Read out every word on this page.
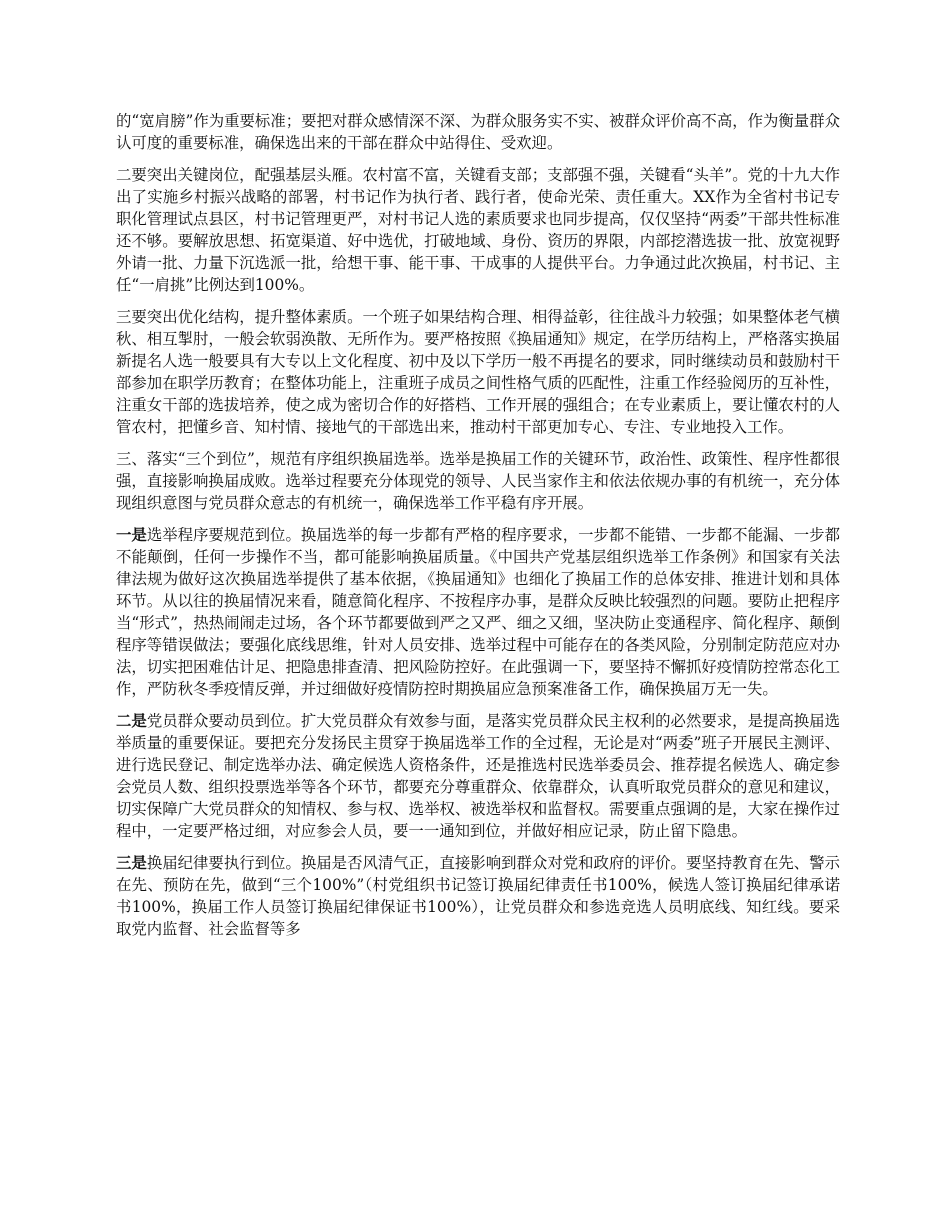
的“宽肩膀”作为重要标准；要把对群众感情深不深、为群众服务实不实、被群众评价高不高，作为衡量群众认可度的重要标准，确保选出来的干部在群众中站得住、受欢迎。

二要突出关键岗位，配强基层头雁。农村富不富，关键看支部；支部强不强，关键看“头羊”。党的十九大作出了实施乡村振兴战略的部署，村书记作为执行者、践行者，使命光荣、责任重大。XX作为全省村书记专职化管理试点县区，村书记管理更严，对村书记人选的素质要求也同步提高，仅仅坚持“两委”干部共性标准还不够。要解放思想、拓宽渠道、好中选优，打破地域、身份、资历的界限，内部挖潜选拔一批、放宽视野外请一批、力量下沉选派一批，给想干事、能干事、干成事的人提供平台。力争通过此次换届，村书记、主任“一肩挑”比例达到100%。

三要突出优化结构，提升整体素质。一个班子如果结构合理、相得益彰，往往战斗力较强；如果整体老气横秋、相互掣肘，一般会软弱涣散、无所作为。要严格按照《换届通知》规定，在学历结构上，严格落实换届新提名人选一般要具有大专以上文化程度、初中及以下学历一般不再提名的要求，同时继续动员和鼓励村干部参加在职学历教育；在整体功能上，注重班子成员之间性格气质的匹配性，注重工作经验阅历的互补性，注重女干部的选拔培养，使之成为密切合作的好搭档、工作开展的强组合；在专业素质上，要让懂农村的人管农村，把懂乡音、知村情、接地气的干部选出来，推动村干部更加专心、专注、专业地投入工作。

三、落实“三个到位”，规范有序组织换届选举。选举是换届工作的关键环节，政治性、政策性、程序性都很强，直接影响换届成败。选举过程要充分体现党的领导、人民当家作主和依法依规办事的有机统一，充分体现组织意图与党员群众意志的有机统一，确保选举工作平稳有序开展。

一是选举程序要规范到位。换届选举的每一步都有严格的程序要求，一步都不能错、一步都不能漏、一步都不能颠倒，任何一步操作不当，都可能影响换届质量。《中国共产党基层组织选举工作条例》和国家有关法律法规为做好这次换届选举提供了基本依据，《换届通知》也细化了换届工作的总体安排、推进计划和具体环节。从以往的换届情况来看，随意简化程序、不按程序办事，是群众反映比较强烈的问题。要防止把程序当“形式”，热热闹闹走过场，各个环节都要做到严之又严、细之又细，坚决防止变通程序、简化程序、颠倒程序等错误做法；要强化底线思维，针对人员安排、选举过程中可能存在的各类风险，分别制定防范应对办法，切实把困难估计足、把隐患排查清、把风险防控好。在此强调一下，要坚持不懈抓好疫情防控常态化工作，严防秋冬季疫情反弹，并过细做好疫情防控时期换届应急预案准备工作，确保换届万无一失。

二是党员群众要动员到位。扩大党员群众有效参与面，是落实党员群众民主权利的必然要求，是提高换届选举质量的重要保证。要把充分发扬民主贯穿于换届选举工作的全过程，无论是对“两委”班子开展民主测评、进行选民登记、制定选举办法、确定候选人资格条件，还是推选村民选举委员会、推荐提名候选人、确定参会党员人数、组织投票选举等各个环节，都要充分尊重群众、依靠群众，认真听取党员群众的意见和建议，切实保障广大党员群众的知情权、参与权、选举权、被选举权和监督权。需要重点强调的是，大家在操作过程中，一定要严格过细，对应参会人员，要一一通知到位，并做好相应记录，防止留下隐患。

三是换届纪律要执行到位。换届是否风清气正，直接影响到群众对党和政府的评价。要坚持教育在先、警示在先、预防在先，做到“三个100%”（村党组织书记签订换届纪律责任书100%，候选人签订换届纪律承诺书100%，换届工作人员签订换届纪律保证书100%），让党员群众和参选竞选人员明底线、知红线。要采取党内监督、社会监督等多
